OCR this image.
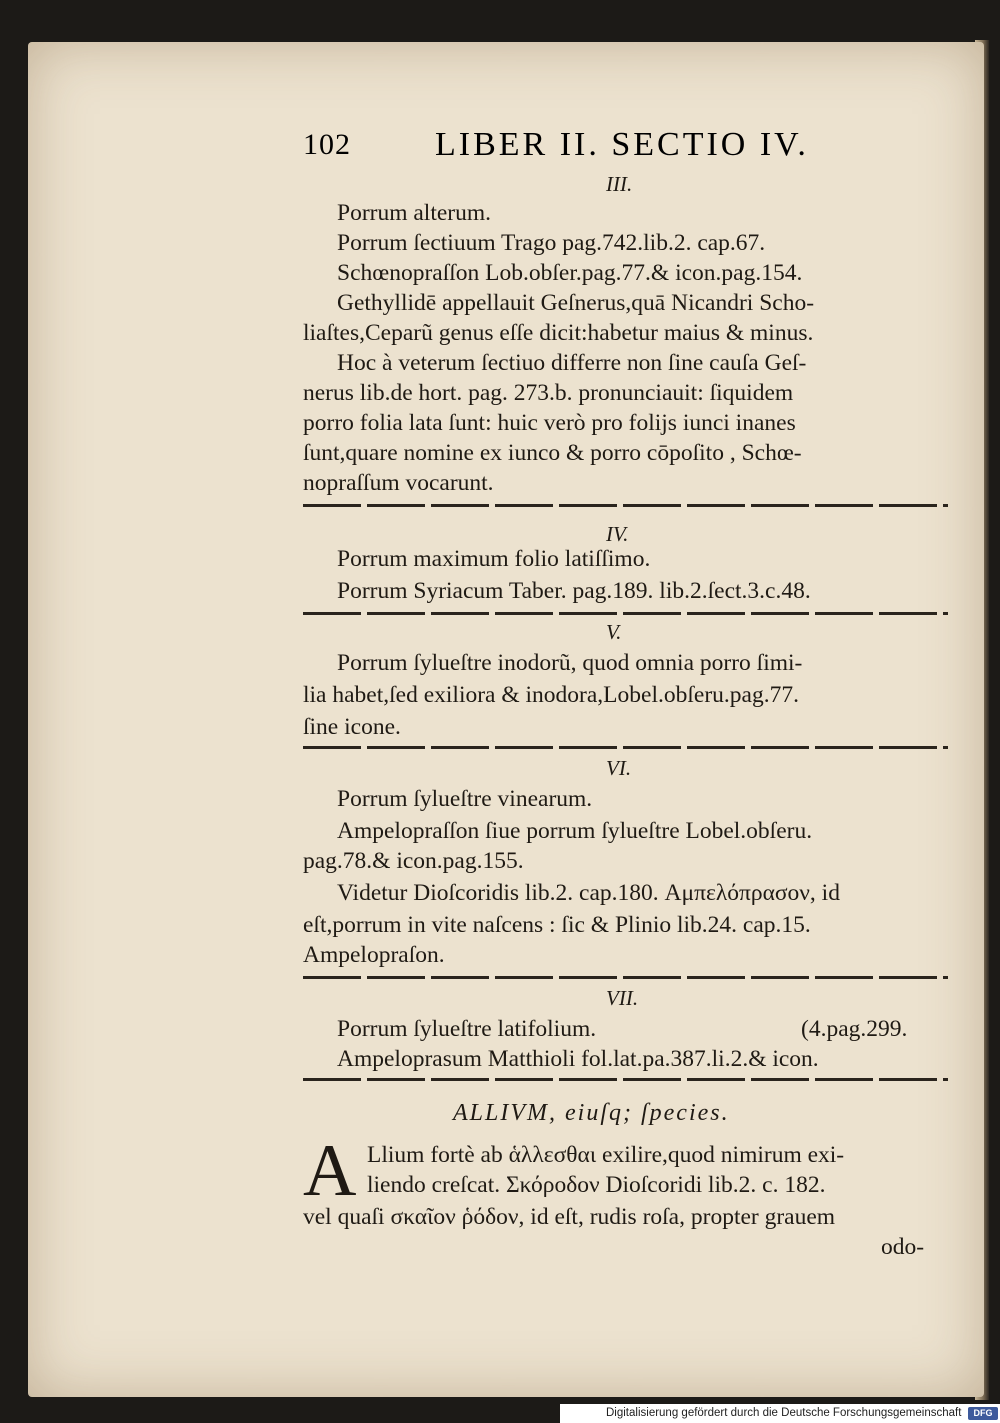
102 LIBER II. SECTIO IV.
III.
Porrum alterum.
Porrum ſectiuum Trago pag.742.lib.2. cap.67.
Schœnopraſſon Lob.obſer.pag.77.& icon.pag.154.
Gethyllidē appellauit Geſnerus,quā Nicandri Scho-
liaſtes,Ceparũ genus eſſe dicit:habetur maius & minus.
Hoc à veterum ſectiuo differre non ſine cauſa Geſ-
nerus lib.de hort. pag. 273.b. pronunciauit: ſiquidem
porro folia lata ſunt: huic verò pro folijs iunci inanes
ſunt,quare nomine ex iunco & porro cōpoſito , Schœ-
nopraſſum vocarunt.
IV.
Porrum maximum folio latiſſimo.
Porrum Syriacum Taber. pag.189. lib.2.ſect.3.c.48.
V.
Porrum ſylueſtre inodorũ, quod omnia porro ſimi-
lia habet,ſed exiliora & inodora,Lobel.obſeru.pag.77.
ſine icone.
VI.
Porrum ſylueſtre vinearum.
Ampelopraſſon ſiue porrum ſylueſtre Lobel.obſeru.
pag.78.& icon.pag.155.
Videtur Dioſcoridis lib.2. cap.180. Αμπελόπρασον, id
eſt,porrum in vite naſcens : ſic & Plinio lib.24. cap.15.
Ampelopraſon.
VII.
Porrum ſylueſtre latifolium.	(4.pag.299.
Ampeloprasum Matthioli fol.lat.pa.387.li.2.& icon.
ALLIVM, eiuſq; ſpecies.
A Llium fortè ab ἁλλεσθαι exilire,quod nimirum exi-
liendo creſcat. Σκόροδον Dioſcoridi lib.2. c. 182.
vel quaſi σκαῖον ῥόδον, id eſt, rudis roſa, propter grauem
odo-
Digitalisierung gefördert durch die Deutsche Forschungsgemeinschaft	DFG
